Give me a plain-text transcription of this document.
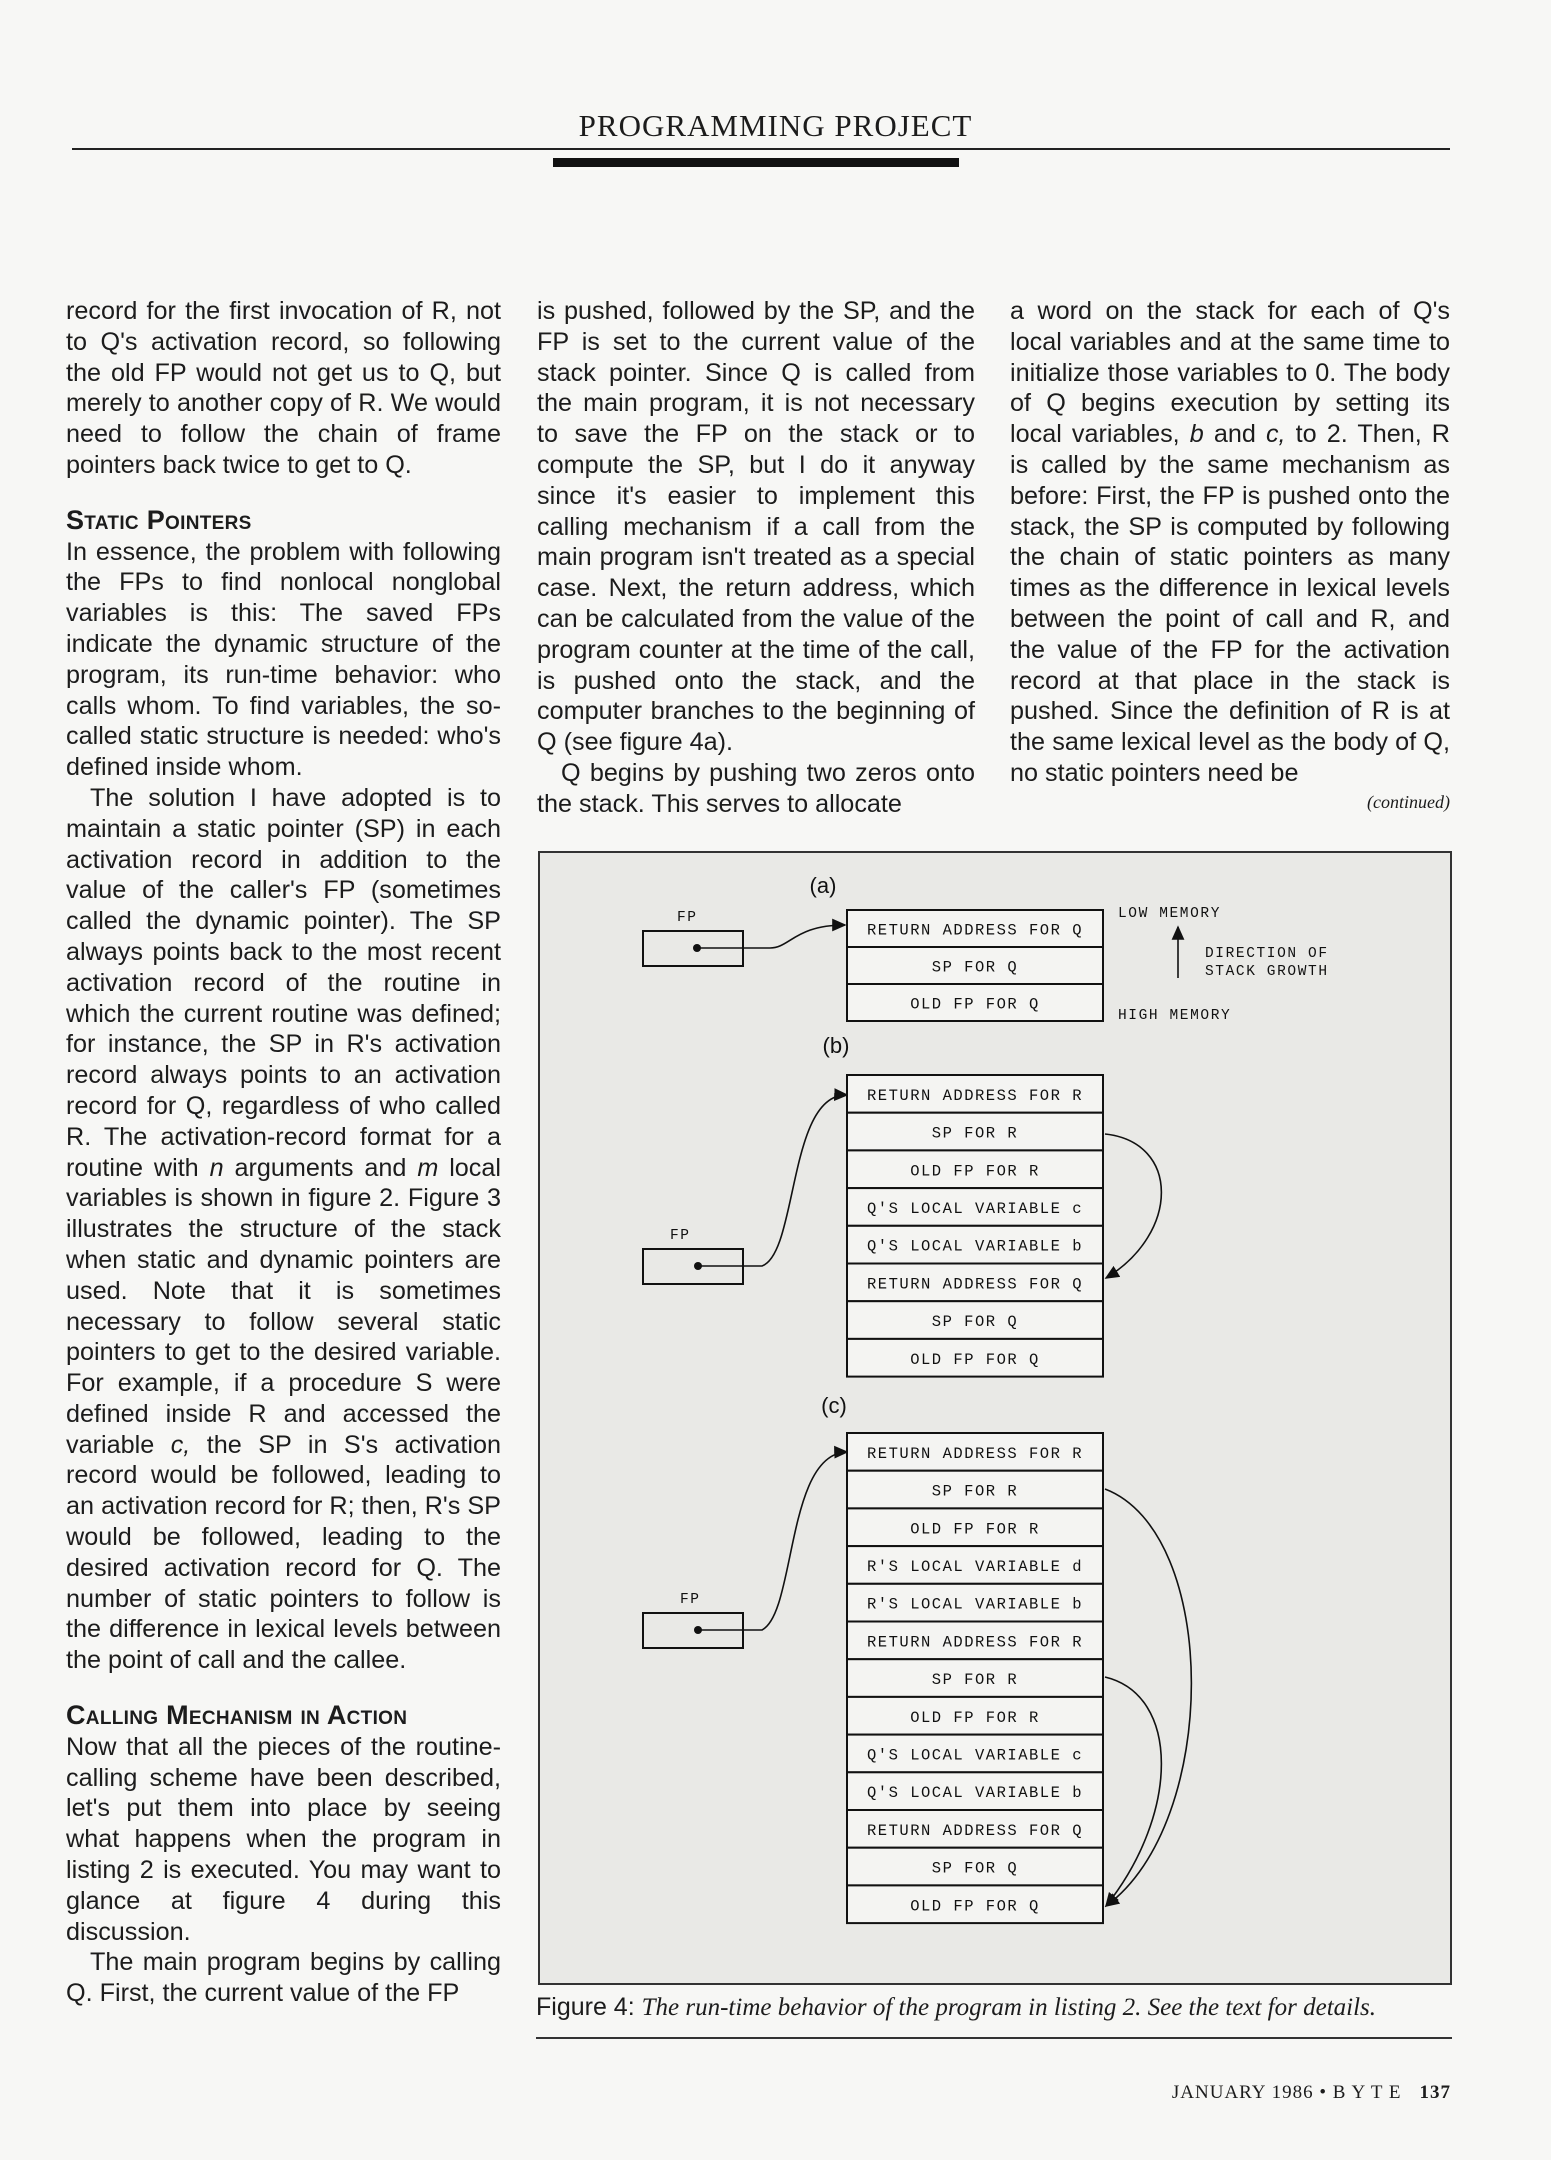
PROGRAMMING PROJECT

record for the first invocation of R, not to Q's activation record, so following the old FP would not get us to Q, but merely to another copy of R. We would need to follow the chain of frame pointers back twice to get to Q.

Static Pointers

In essence, the problem with following the FPs to find nonlocal nonglobal variables is this: The saved FPs indicate the dynamic structure of the program, its run-time behavior: who calls whom. To find variables, the so-called static structure is needed: who's defined inside whom.

The solution I have adopted is to maintain a static pointer (SP) in each activation record in addition to the value of the caller's FP (sometimes called the dynamic pointer). The SP always points back to the most recent activation record of the routine in which the current routine was defined; for instance, the SP in R's activation record always points to an activation record for Q, regardless of who called R. The activation-record format for a routine with n arguments and m local variables is shown in figure 2. Figure 3 illustrates the structure of the stack when static and dynamic pointers are used. Note that it is sometimes necessary to follow several static pointers to get to the desired variable. For example, if a procedure S were defined inside R and accessed the variable c, the SP in S's activation record would be followed, leading to an activation record for R; then, R's SP would be followed, leading to the desired activation record for Q. The number of static pointers to follow is the difference in lexical levels between the point of call and the callee.

Calling Mechanism in Action

Now that all the pieces of the routine-calling scheme have been described, let's put them into place by seeing what happens when the program in listing 2 is executed. You may want to glance at figure 4 during this discussion.

The main program begins by calling Q. First, the current value of the FP

is pushed, followed by the SP, and the FP is set to the current value of the stack pointer. Since Q is called from the main program, it is not necessary to save the FP on the stack or to compute the SP, but I do it anyway since it's easier to implement this calling mechanism if a call from the main program isn't treated as a special case. Next, the return address, which can be calculated from the value of the program counter at the time of the call, is pushed onto the stack, and the computer branches to the beginning of Q (see figure 4a).

Q begins by pushing two zeros onto the stack. This serves to allocate

a word on the stack for each of Q's local variables and at the same time to initialize those variables to 0. The body of Q begins execution by setting its local variables, b and c, to 2. Then, R is called by the same mechanism as before: First, the FP is pushed onto the stack, the SP is computed by following the chain of static pointers as many times as the difference in lexical levels between the point of call and R, and the value of the FP for the activation record at that place in the stack is pushed. Since the definition of R is at the same lexical level as the body of Q, no static pointers need be

(continued)
(a)
FP
RETURN ADDRESS FOR Q
SP FOR Q
OLD FP FOR Q
LOW MEMORY
HIGH MEMORY
DIRECTION OF
STACK GROWTH
(b)
FP
RETURN ADDRESS FOR R
SP FOR R
OLD FP FOR R
Q'S LOCAL VARIABLE c
Q'S LOCAL VARIABLE b
RETURN ADDRESS FOR Q
SP FOR Q
OLD FP FOR Q
(c)
FP
RETURN ADDRESS FOR R
SP FOR R
OLD FP FOR R
R'S LOCAL VARIABLE d
R'S LOCAL VARIABLE b
RETURN ADDRESS FOR R
SP FOR R
OLD FP FOR R
Q'S LOCAL VARIABLE c
Q'S LOCAL VARIABLE b
RETURN ADDRESS FOR Q
SP FOR Q
OLD FP FOR Q
Figure 4: The run-time behavior of the program in listing 2. See the text for details.
JANUARY 1986 • B Y T E 137
